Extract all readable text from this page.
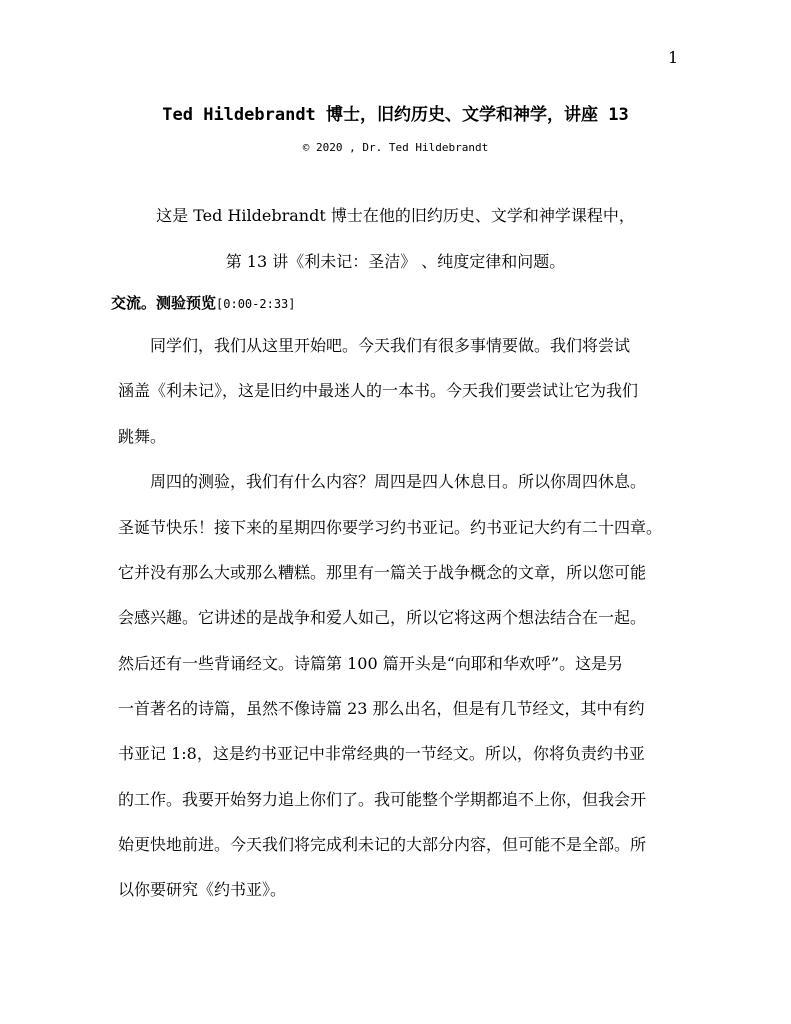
1
Ted Hildebrandt 博士，旧约历史、文学和神学，讲座 13
© 2020 , Dr. Ted Hildebrandt
这是 Ted Hildebrandt 博士在他的旧约历史、文学和神学课程中，
第 13 讲《利未记：圣洁》 、纯度定律和问题。
交流。测验预览[0:00-2:33]
　　同学们，我们从这里开始吧。今天我们有很多事情要做。我们将尝试
涵盖《利未记》，这是旧约中最迷人的一本书。今天我们要尝试让它为我们
跳舞。
　　周四的测验，我们有什么内容？周四是四人休息日。所以你周四休息。
圣诞节快乐！接下来的星期四你要学习约书亚记。约书亚记大约有二十四章。
它并没有那么大或那么糟糕。那里有一篇关于战争概念的文章，所以您可能
会感兴趣。它讲述的是战争和爱人如己，所以它将这两个想法结合在一起。
然后还有一些背诵经文。诗篇第 100 篇开头是“向耶和华欢呼”。这是另
一首著名的诗篇，虽然不像诗篇 23 那么出名，但是有几节经文，其中有约
书亚记 1:8，这是约书亚记中非常经典的一节经文。所以，你将负责约书亚
的工作。我要开始努力追上你们了。我可能整个学期都追不上你，但我会开
始更快地前进。今天我们将完成利未记的大部分内容，但可能不是全部。所
以你要研究《约书亚》。
